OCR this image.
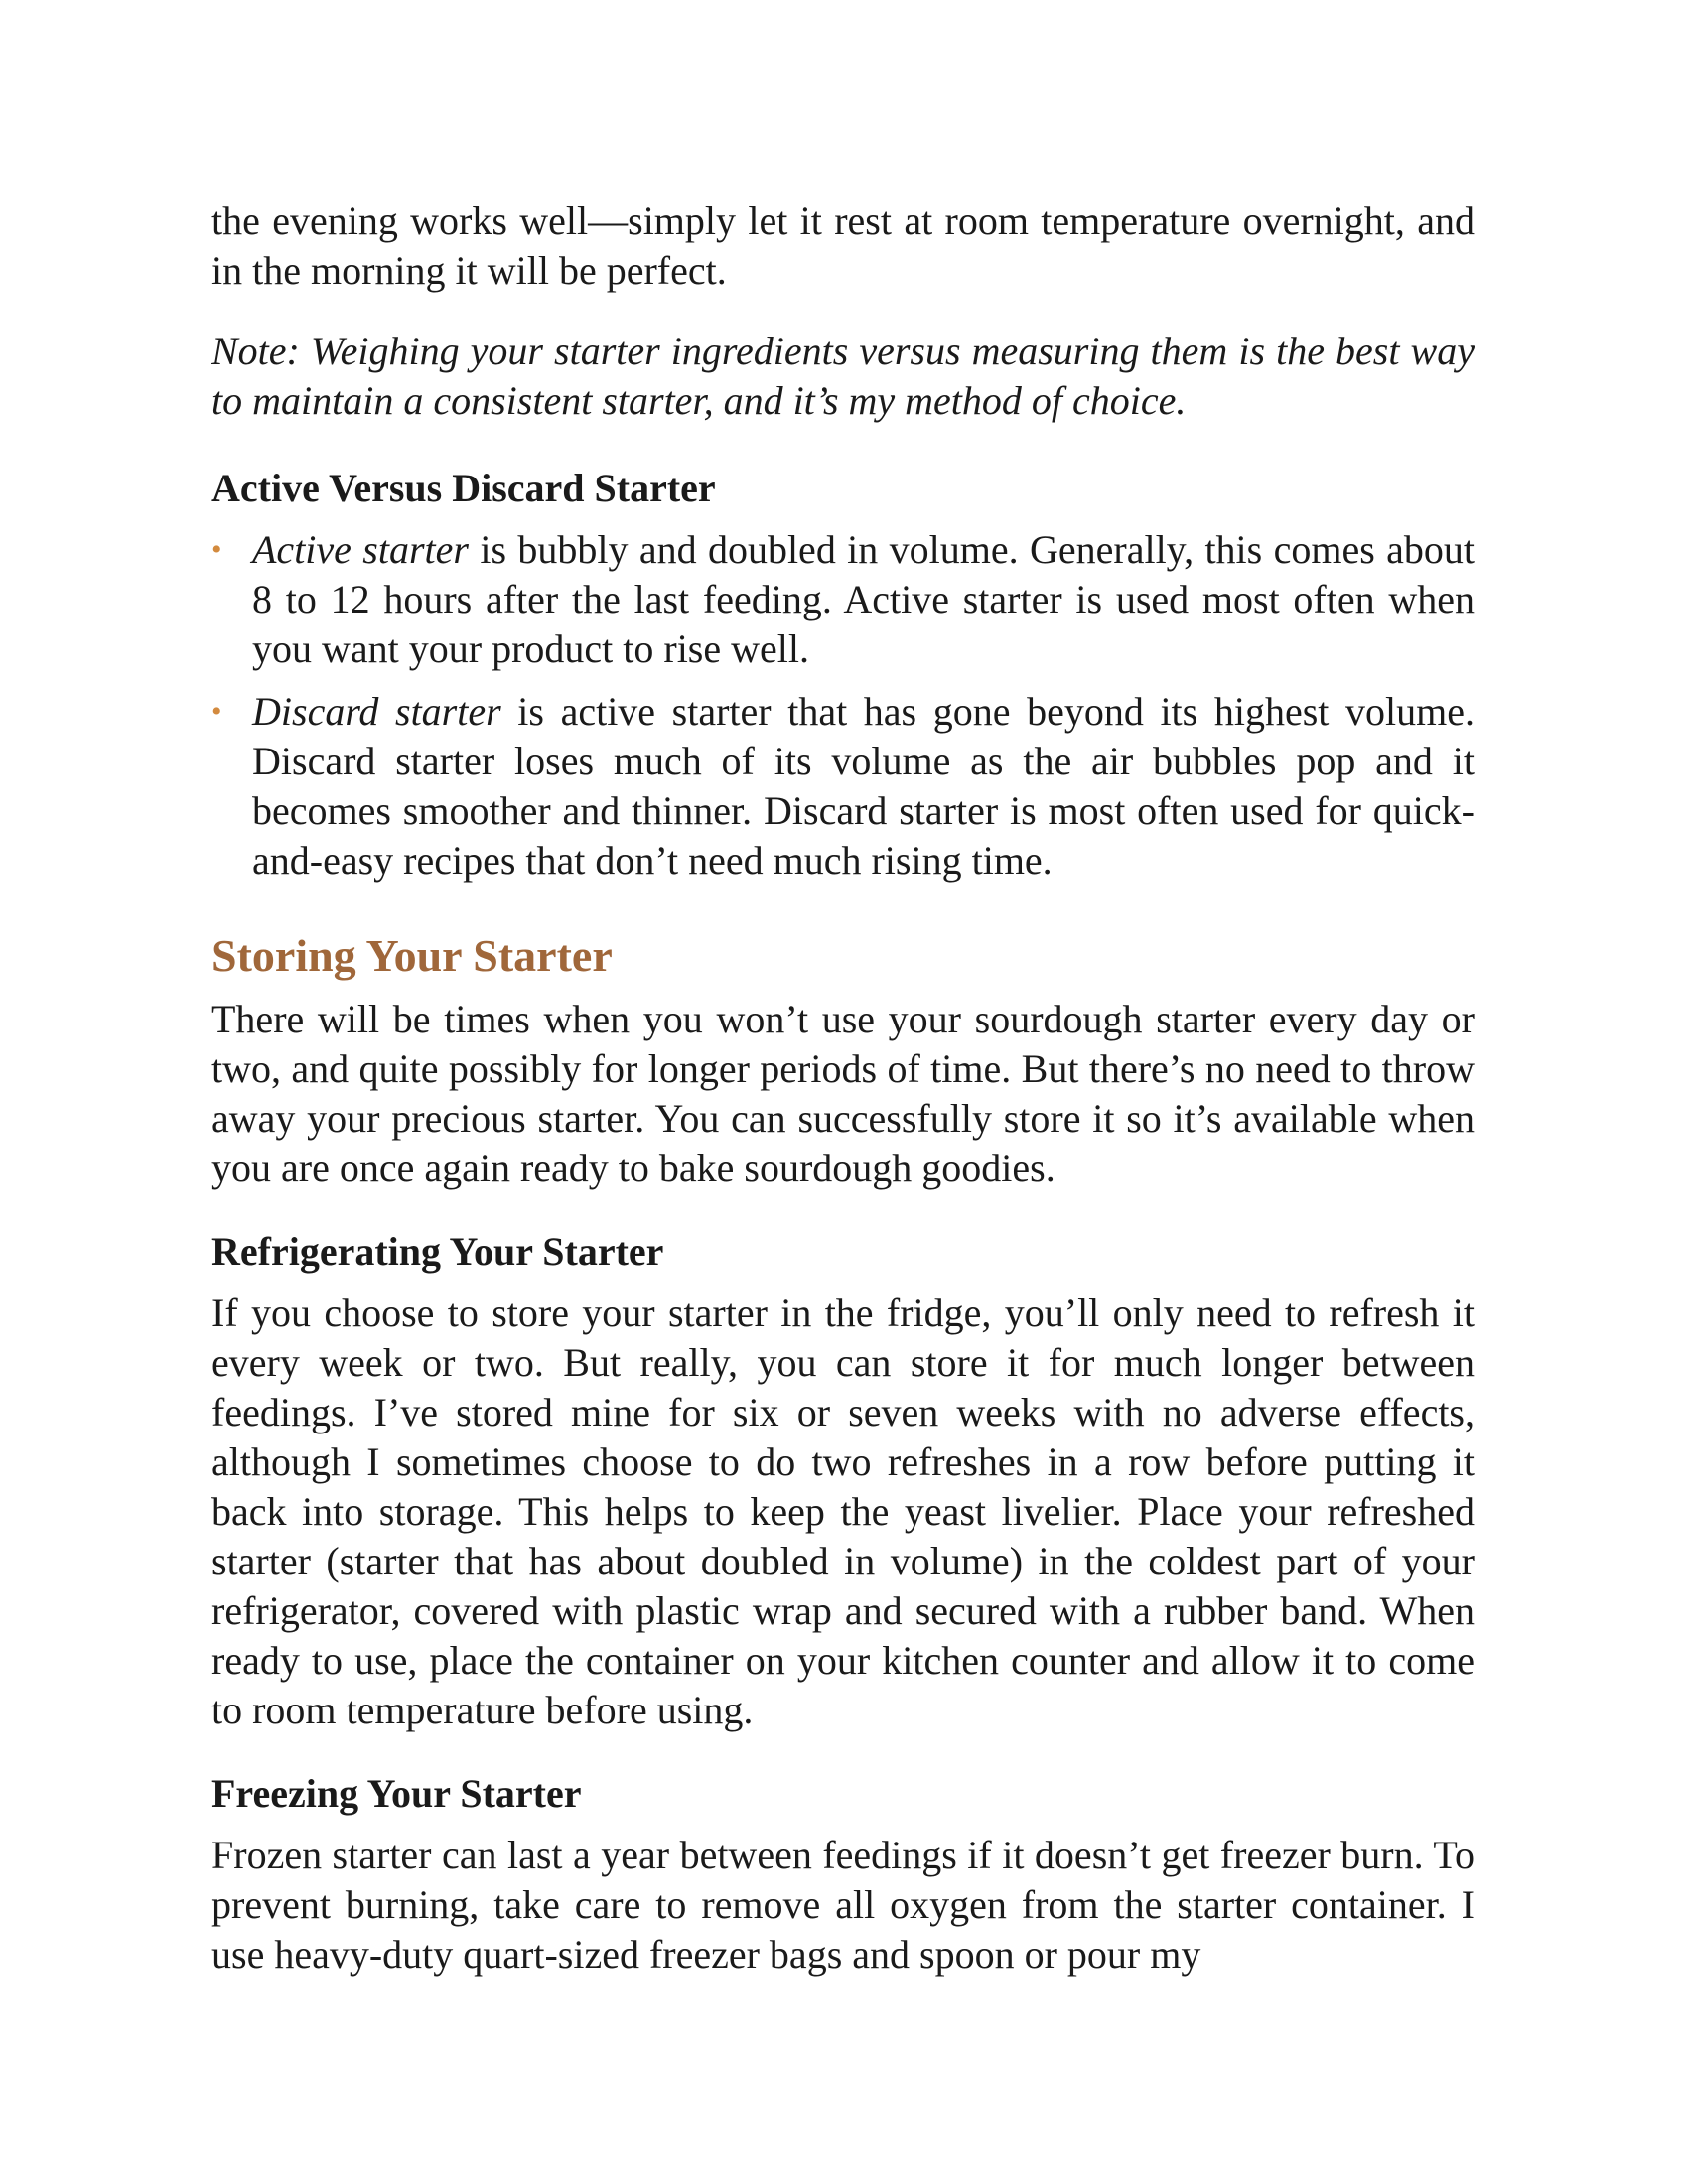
the evening works well—simply let it rest at room temperature overnight, and in the morning it will be perfect.

Note: Weighing your starter ingredients versus measuring them is the best way to maintain a consistent starter, and it’s my method of choice.

Active Versus Discard Starter
• Active starter is bubbly and doubled in volume. Generally, this comes about 8 to 12 hours after the last feeding. Active starter is used most often when you want your product to rise well.
• Discard starter is active starter that has gone beyond its highest volume. Discard starter loses much of its volume as the air bubbles pop and it becomes smoother and thinner. Discard starter is most often used for quick-and-easy recipes that don’t need much rising time.
Storing Your Starter

There will be times when you won’t use your sourdough starter every day or two, and quite possibly for longer periods of time. But there’s no need to throw away your precious starter. You can successfully store it so it’s available when you are once again ready to bake sourdough goodies.

Refrigerating Your Starter

If you choose to store your starter in the fridge, you’ll only need to refresh it every week or two. But really, you can store it for much longer between feedings. I’ve stored mine for six or seven weeks with no adverse effects, although I sometimes choose to do two refreshes in a row before putting it back into storage. This helps to keep the yeast livelier. Place your refreshed starter (starter that has about doubled in volume) in the coldest part of your refrigerator, covered with plastic wrap and secured with a rubber band. When ready to use, place the container on your kitchen counter and allow it to come to room temperature before using.

Freezing Your Starter

Frozen starter can last a year between feedings if it doesn’t get freezer burn. To prevent burning, take care to remove all oxygen from the starter container. I use heavy-duty quart-sized freezer bags and spoon or pour my
